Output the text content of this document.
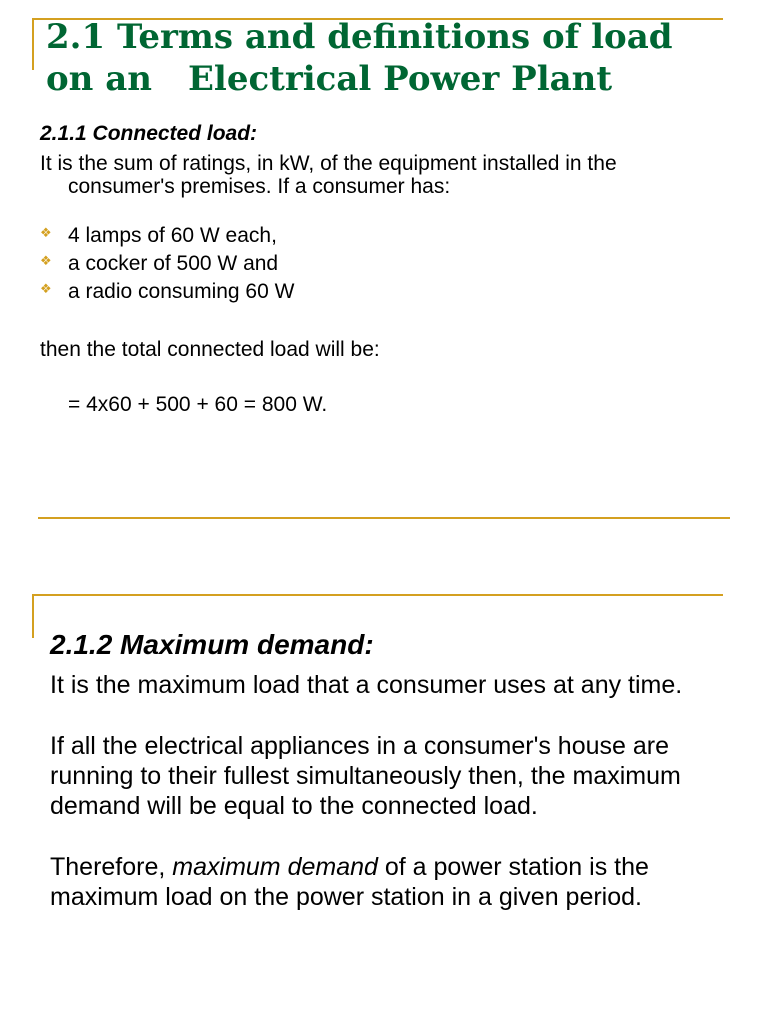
2.1 Terms and definitions of load
on an Electrical Power Plant

2.1.1 Connected load:

It is the sum of ratings, in kW, of the equipment installed in the
consumer's premises. If a consumer has:

❖ 4 lamps of 60 W each,
❖ a cocker of 500 W and
❖ a radio consuming 60 W

then the total connected load will be:

= 4x60 + 500 + 60 = 800 W.

2.1.2 Maximum demand:

It is the maximum load that a consumer uses at any time.

If all the electrical appliances in a consumer's house are running to their fullest simultaneously then, the maximum demand will be equal to the connected load.

Therefore, maximum demand of a power station is the maximum load on the power station in a given period.
